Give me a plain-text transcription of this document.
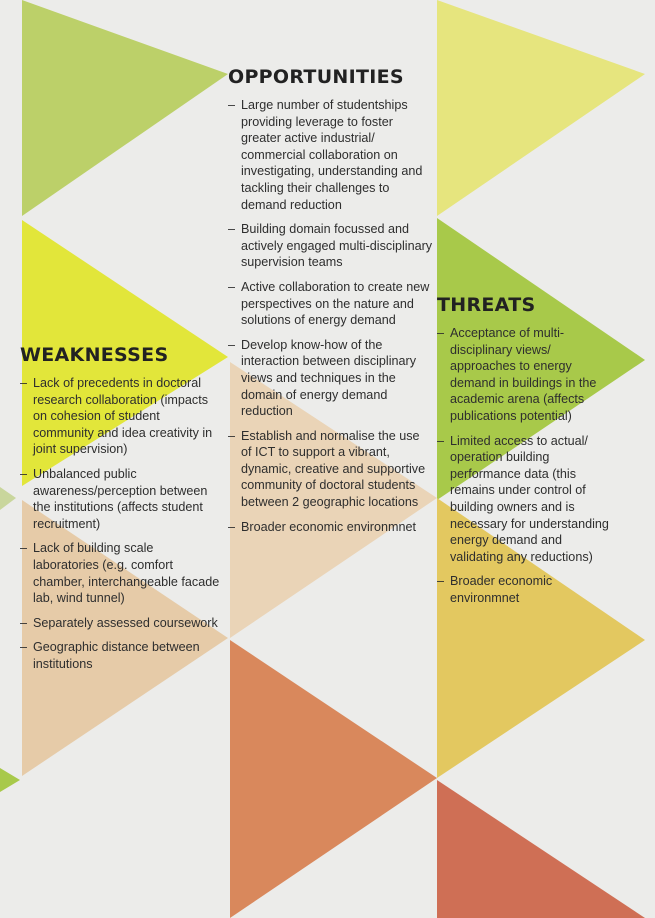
OPPORTUNITIES
– Large number of studentships providing leverage to foster greater active industrial/ commercial collaboration on investigating, understanding and tackling their challenges to demand reduction
– Building domain focussed and actively engaged multi-disciplinary supervision teams
– Active collaboration to create new perspectives on the nature and solutions of energy demand
– Develop know-how of the interaction between disciplinary views and techniques in the domain of energy demand reduction
– Establish and normalise the use of ICT to support a vibrant, dynamic, creative and supportive community of doctoral students between 2 geographic locations
– Broader economic environmnet
WEAKNESSES
– Lack of precedents in doctoral research collaboration (impacts on cohesion of student community and idea creativity in joint supervision)
– Unbalanced public awareness/perception between the institutions (affects student recruitment)
– Lack of building scale laboratories (e.g. comfort chamber, interchangeable facade lab, wind tunnel)
– Separately assessed coursework
– Geographic distance between institutions
THREATS
– Acceptance of multi-disciplinary views/ approaches to energy demand in buildings in the academic arena (affects publications potential)
– Limited access to actual/ operation building performance data (this remains under control of building owners and is necessary for understanding energy demand and validating any reductions)
– Broader economic environmnet
